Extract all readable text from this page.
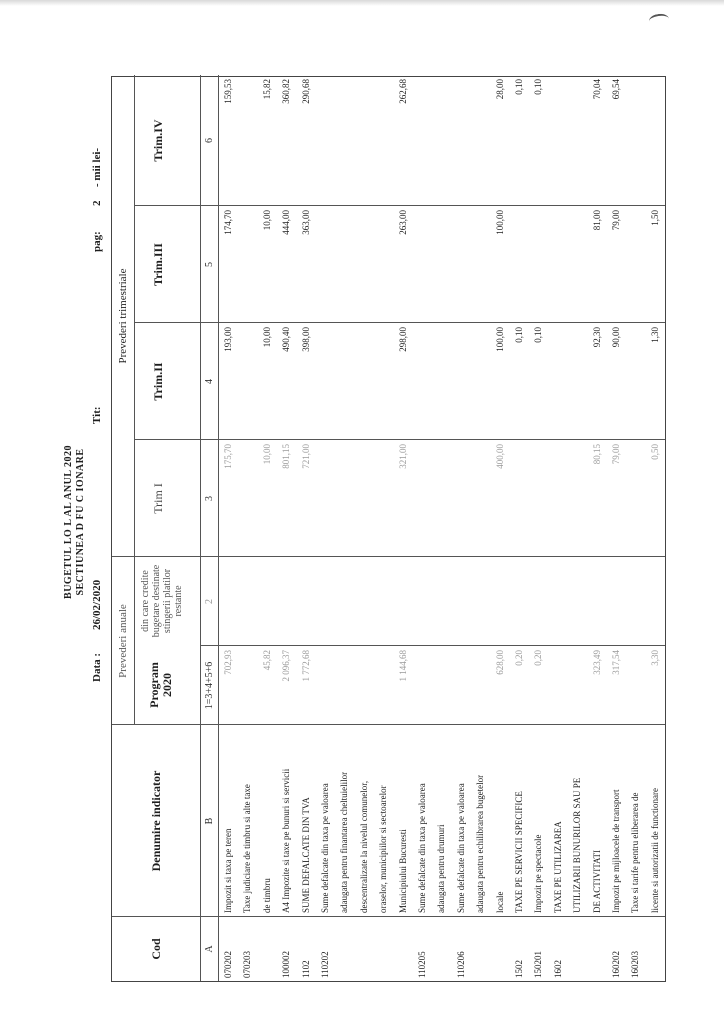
BUGETUL LO L AL ANUL 2020 SECTIUNEA D FU C IONARE
Data :
26/02/2020
Tit:
pag:
2
- mii lei-
Cod
Denumire indicator
Prevederi anuale
Program 2020
din care credite bugetare destinate stingerii platilor restante
Prevederi trimestriale
Trim I
Trim.II
Trim.III
Trim.IV
A
B
1=3+4+5+6
2
3
4
5
6
070202
Impozit si taxa pe teren
702,93
175,70
193,00
174,70
159,53
070203
Taxe judiciare de timbru si alte taxe de timbru
45,82
10,00
10,00
10,00
15,82
100002
A4 Impozite si taxe pe bunuri si servicii
2 096,37
801,15
490,40
444,00
360,82
1102
SUME DEFALCATE DIN TVA
1 772,68
721,00
398,00
363,00
290,68
110202
Sume defalcate din taxa pe valoarea adaugata pentru finantarea cheltuielilor descentralizate la nivelul comunelor, oraselor, municipiilor si sectoarelor Municipiului Bucuresti
1 144,68
321,00
298,00
263,00
262,68
110205
Sume defalcate din taxa pe valoarea adaugata pentru drumuri
110206
Sume defalcate din taxa pe valoarea adaugata pentru echilibrarea bugetelor locale
628,00
400,00
100,00
100,00
28,00
1502
TAXE PE SERVICII SPECIFICE
0,20
0,10
0,10
150201
Impozit pe spectacole
0,20
0,10
0,10
1602
TAXE PE UTILIZAREA UTILIZARII BUNURILOR SAU PE DE ACTIVITATI
323,49
80,15
92,30
81,00
70,04
160202
Impozit pe mijloacele de transport
317,54
79,00
90,00
79,00
69,54
160203
Taxe si tarife pentru eliberarea de licente si autorizatii de functionare
3,30
0,50
1,30
1,50
